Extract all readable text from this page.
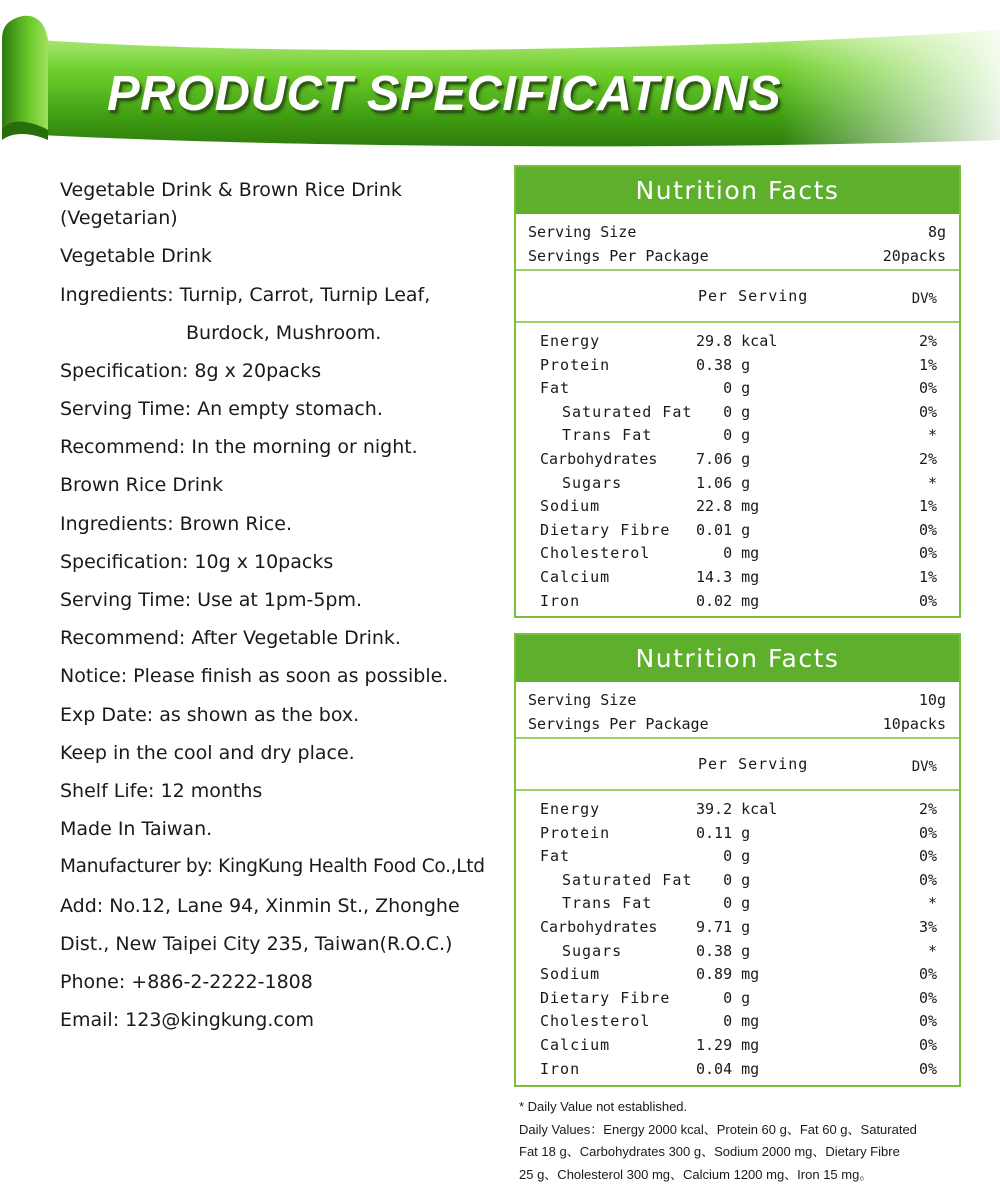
PRODUCT SPECIFICATIONS
Vegetable Drink & Brown Rice Drink
(Vegetarian)
Vegetable Drink
Ingredients: Turnip, Carrot, Turnip Leaf,
Burdock, Mushroom.
Specification: 8g x 20packs
Serving Time: An empty stomach.
Recommend: In the morning or night.
Brown Rice Drink
Ingredients: Brown Rice.
Specification: 10g x 10packs
Serving Time: Use at 1pm-5pm.
Recommend: After Vegetable Drink.
Notice: Please finish as soon as possible.
Exp Date: as shown as the box.
Keep in the cool and dry place.
Shelf Life: 12 months
Made In Taiwan.
Manufacturer by: KingKung Health Food Co.,Ltd
Add: No.12, Lane 94, Xinmin St., Zhonghe
Dist., New Taipei City 235, Taiwan(R.O.C.)
Phone: +886-2-2222-1808
Email: 123@kingkung.com
Nutrition Facts
Serving Size	8g
Servings Per Package	20packs
Per Serving	DV%
Energy	29.8 kcal	2%
Protein	0.38 g	1%
Fat	0 g	0%
Saturated Fat 0 g	0%
Trans Fat	0 g	*
Carbohydrates	7.06 g	2%
Sugars	1.06 g	*
Sodium	22.8 mg	1%
Dietary Fibre 0.01 g	0%
Cholesterol	0 mg	0%
Calcium	14.3 mg	1%
Iron	0.02 mg	0%
Nutrition Facts
Serving Size	10g
Servings Per Package	10packs
Per Serving	DV%
Energy	39.2 kcal	2%
Protein	0.11 g	0%
Fat	0 g	0%
Saturated Fat 0 g	0%
Trans Fat	0 g	*
Carbohydrates	9.71 g	3%
Sugars	0.38 g	*
Sodium	0.89 mg	0%
Dietary Fibre 0 g	0%
Cholesterol	0 mg	0%
Calcium	1.29 mg	0%
Iron	0.04 mg	0%
* Daily Value not established.
Daily Values：Energy 2000 kcal、Protein 60 g、Fat 60 g、Saturated
Fat 18 g、Carbohydrates 300 g、Sodium 2000 mg、Dietary Fibre
25 g、Cholesterol 300 mg、Calcium 1200 mg、Iron 15 mg。
